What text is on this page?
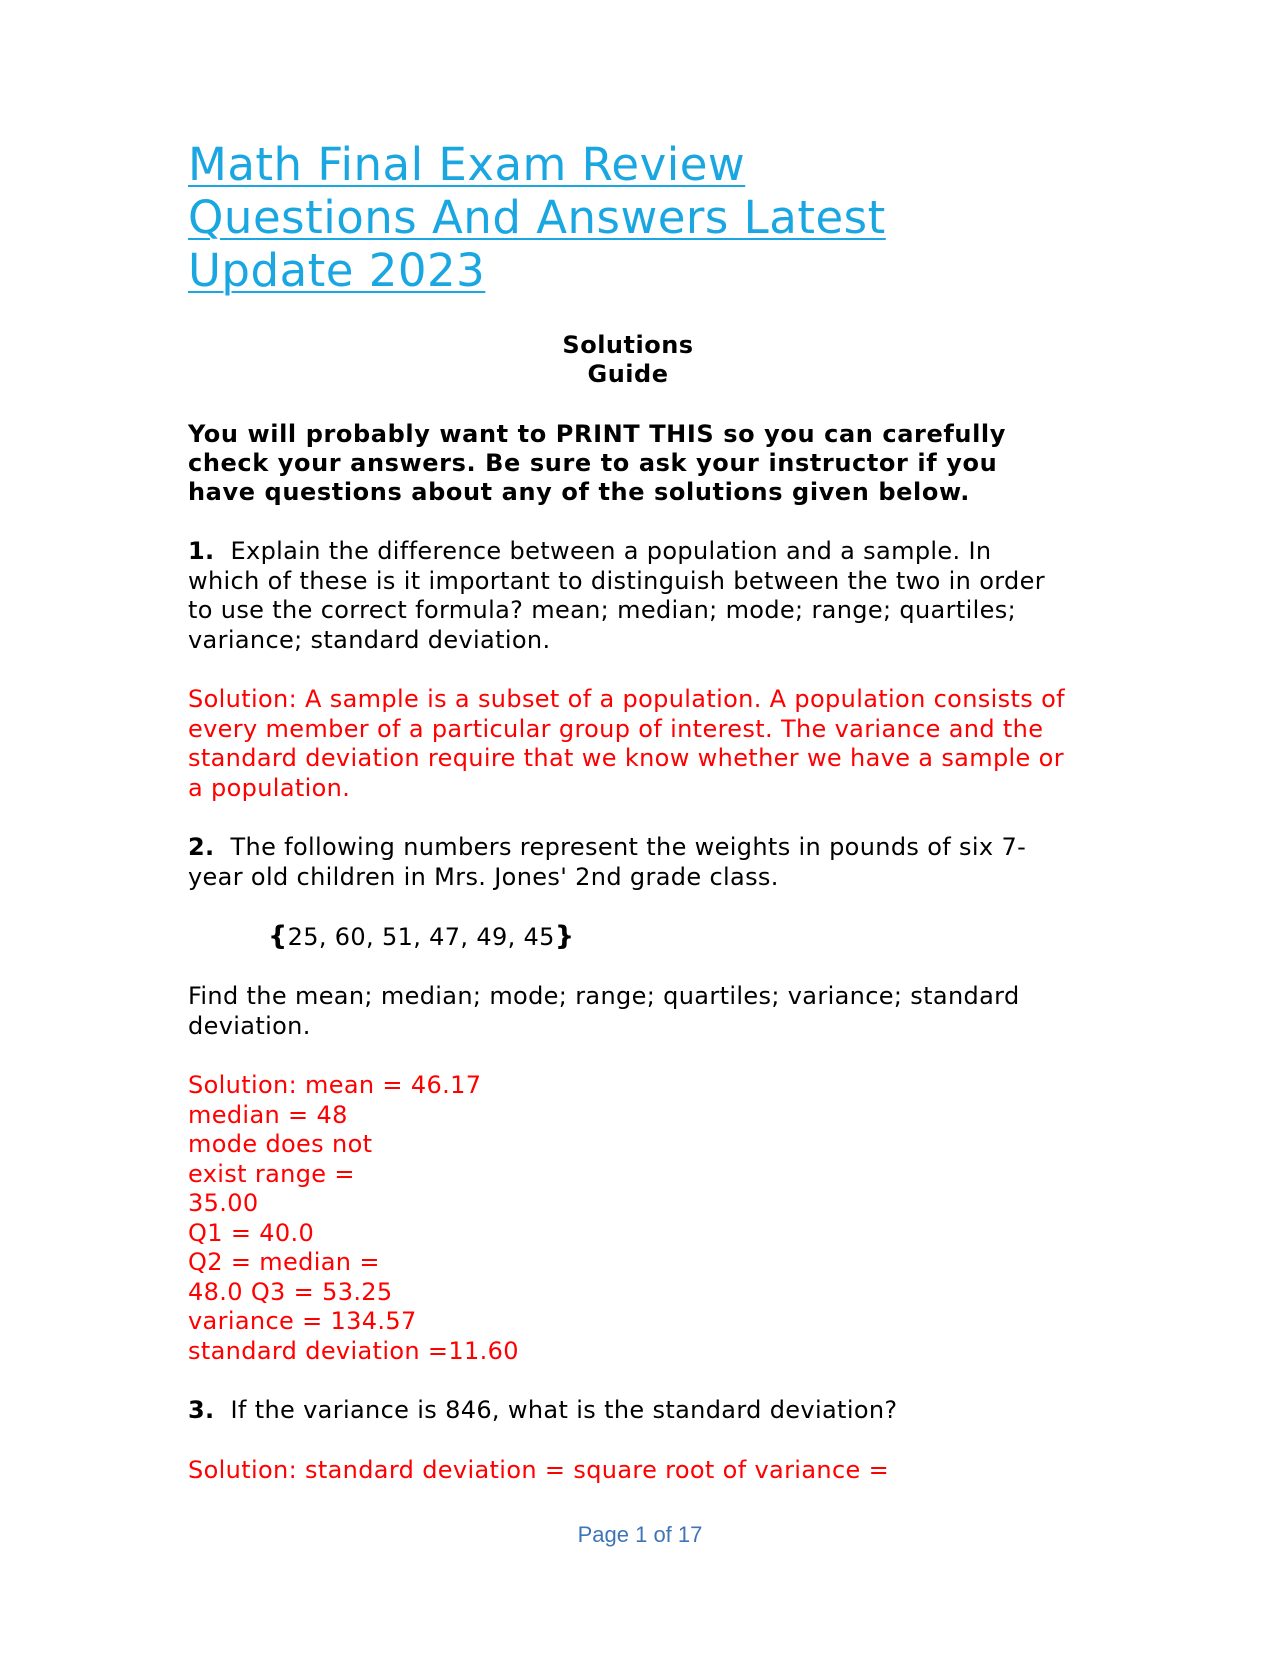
Math Final Exam Review
Questions And Answers Latest
Update 2023
Solutions
Guide
You will probably want to PRINT THIS so you can carefully check your answers. Be sure to ask your instructor if you have questions about any of the solutions given below.
1. Explain the difference between a population and a sample. In which of these is it important to distinguish between the two in order to use the correct formula? mean; median; mode; range; quartiles; variance; standard deviation.
Solution: A sample is a subset of a population. A population consists of every member of a particular group of interest. The variance and the standard deviation require that we know whether we have a sample or a population.
2. The following numbers represent the weights in pounds of six 7- year old children in Mrs. Jones' 2nd grade class.
{25, 60, 51, 47, 49, 45}
Find the mean; median; mode; range; quartiles; variance; standard deviation.
Solution: mean = 46.17
median = 48
mode does not
exist range =
35.00
Q1 = 40.0
Q2 = median =
48.0 Q3 = 53.25
variance = 134.57
standard deviation =11.60
3. If the variance is 846, what is the standard deviation?
Solution: standard deviation = square root of variance =
Page 1 of 17
